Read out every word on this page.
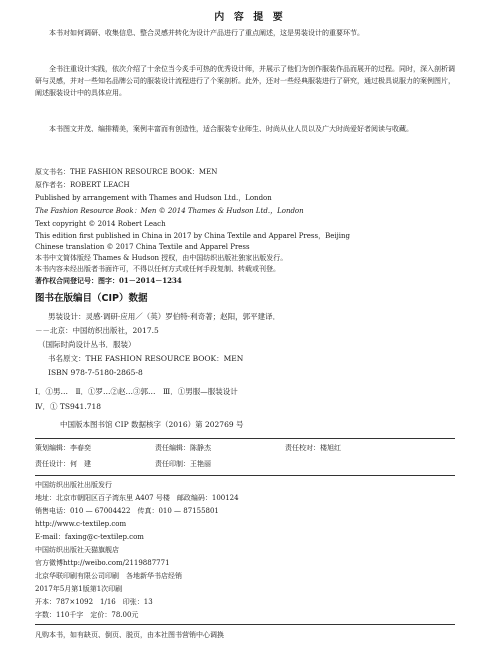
内 容 提 要
本书对如何调研、收集信息、整合灵感并转化为设计产品进行了重点阐述，这是男装设计的重要环节。
全书注重设计实践，依次介绍了十余位当今炙手可热的优秀设计师，并展示了他们为创作服装作品而展开的过程。同时，深入剖析调研与灵感，并对一些知名品牌公司的服装设计流程进行了个案剖析。此外，还对一些经典服装进行了研究，通过极具说服力的案例图片，阐述服装设计中的具体应用。
本书图文并茂、编排精美，案例丰富而有创造性，适合服装专业师生、时尚从业人员以及广大时尚爱好者阅读与收藏。
原文书名：THE FASHION RESOURCE BOOK：MEN
原作者名：ROBERT LEACH
Published by arrangement with Thames and Hudson Ltd.，London
The Fashion Resource Book：Men © 2014 Thames & Hudson Ltd.，London
Text copyright © 2014 Robert Leach
This edition first published in China in 2017 by China Textile and Apparel Press，Beijing
Chinese translation © 2017 China Textile and Apparel Press
本书中文简体版经 Thames & Hudson 授权，由中国纺织出版社独家出版发行。
本书内容未经出版者书面许可，不得以任何方式或任何手段复制、转载或刊登。
著作权合同登记号：图字：01－2014－1234
图书在版编目（CIP）数据
男装设计：灵感·调研·应用／（英）罗伯特·利奇著；赵阳，郭平建译．
－－北京：中国纺织出版社，2017.5
（国际时尚设计丛书．服装）
书名原文：THE FASHION RESOURCE BOOK：MEN
ISBN 978-7-5180-2865-8
Ⅰ．①男…　Ⅱ．①罗…②赵…③郭…　Ⅲ．①男服—服装设计
Ⅳ．① TS941.718
中国版本图书馆 CIP 数据核字（2016）第 202769 号
策划编辑：李春奕	责任编辑：陈静杰	责任校对：楼旭红
责任设计：何　建	责任印制：王艳丽
中国纺织出版社出版发行
地址：北京市朝阳区百子湾东里 A407 号楼　邮政编码：100124
销售电话：010 — 67004422　传真：010 — 87155801
http://www.c-textilep.com
E-mail：faxing@c-textilep.com
中国纺织出版社天猫旗舰店
官方微博http://weibo.com/2119887771
北京华联印刷有限公司印刷　各地新华书店经销
2017年5月第1版第1次印刷
开本：787×1092　1/16　印张：13
字数：110千字　定价：78.00元
凡购本书，如有缺页、倒页、脱页，由本社图书营销中心调换
